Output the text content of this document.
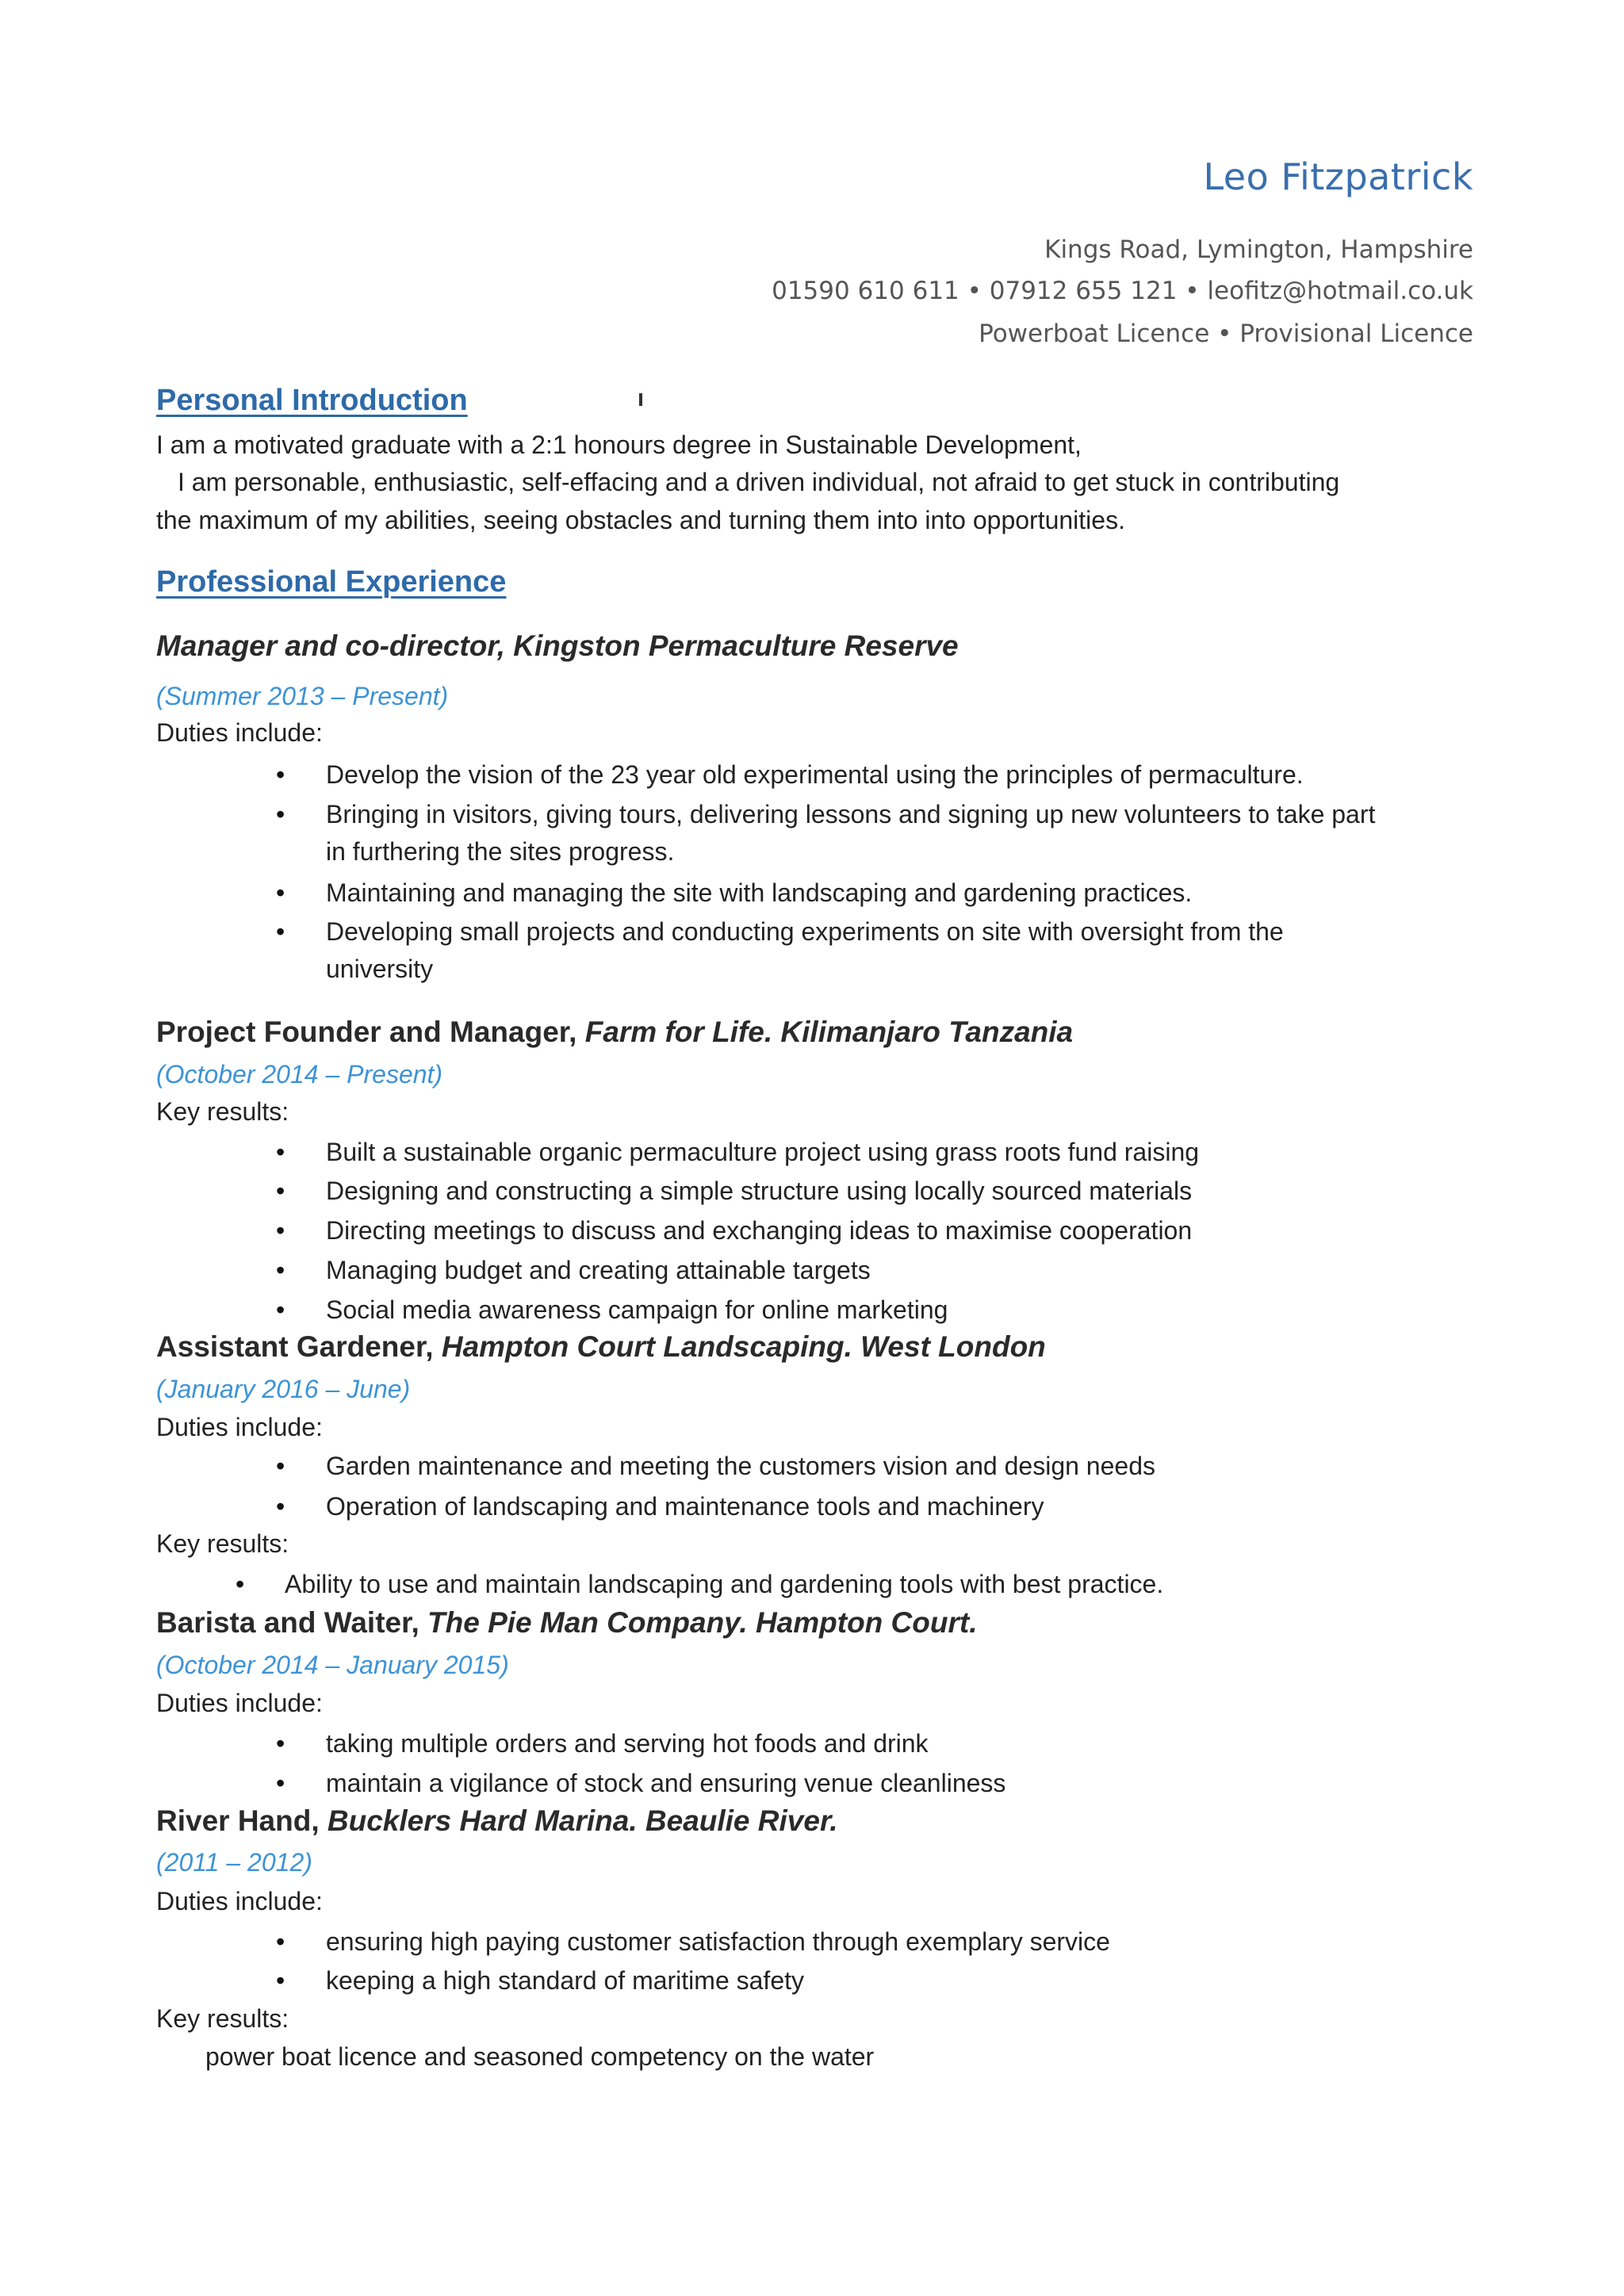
Leo Fitzpatrick
Kings Road, Lymington, Hampshire
01590 610 611 • 07912 655 121 • leofitz@hotmail.co.uk
Powerboat Licence • Provisional Licence
Personal Introduction
I am a motivated graduate with a 2:1 honours degree in Sustainable Development,
I am personable, enthusiastic, self-effacing and a driven individual, not afraid to get stuck in contributing
the maximum of my abilities, seeing obstacles and turning them into into opportunities.
Professional Experience
Manager and co-director, Kingston Permaculture Reserve
(Summer 2013 – Present)
Duties include:
• Develop the vision of the 23 year old experimental using the principles of permaculture.
• Bringing in visitors, giving tours, delivering lessons and signing up new volunteers to take part
in furthering the sites progress.
• Maintaining and managing the site with landscaping and gardening practices.
• Developing small projects and conducting experiments on site with oversight from the
university
Project Founder and Manager, Farm for Life. Kilimanjaro Tanzania
(October 2014 – Present)
Key results:
• Built a sustainable organic permaculture project using grass roots fund raising
• Designing and constructing a simple structure using locally sourced materials
• Directing meetings to discuss and exchanging ideas to maximise cooperation
• Managing budget and creating attainable targets
• Social media awareness campaign for online marketing
Assistant Gardener, Hampton Court Landscaping. West London
(January 2016 – June)
Duties include:
• Garden maintenance and meeting the customers vision and design needs
• Operation of landscaping and maintenance tools and machinery
Key results:
• Ability to use and maintain landscaping and gardening tools with best practice.
Barista and Waiter, The Pie Man Company. Hampton Court.
(October 2014 – January 2015)
Duties include:
• taking multiple orders and serving hot foods and drink
• maintain a vigilance of stock and ensuring venue cleanliness
River Hand, Bucklers Hard Marina. Beaulie River.
(2011 – 2012)
Duties include:
• ensuring high paying customer satisfaction through exemplary service
• keeping a high standard of maritime safety
Key results:
power boat licence and seasoned competency on the water
